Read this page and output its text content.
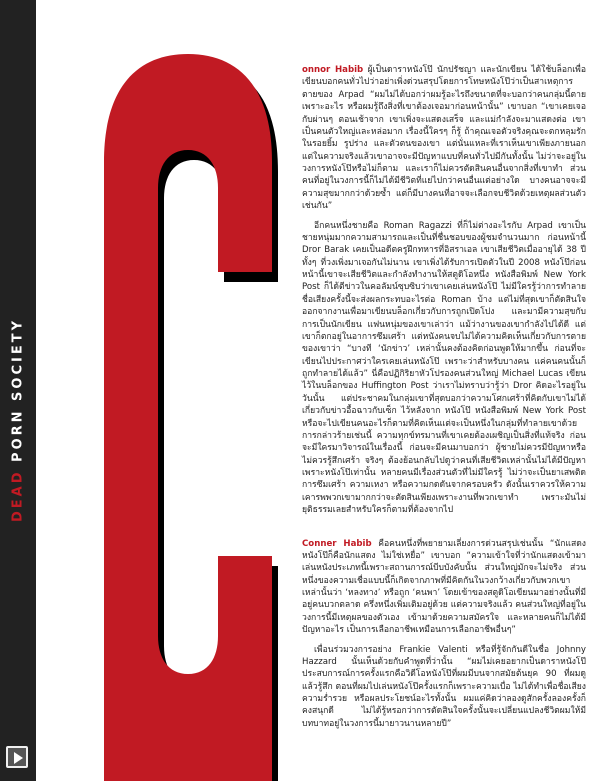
DEAD PORN SOCIETY

onnor Habib ผู้เป็นดาราหนังโป๊ นักปรัชญา และนักเขียน ได้ใช้บล็อกเพื่อเขียนบอกคนทั่วไปว่าอย่าเพิ่งด่วนสรุปโดยการโทษหนังโป๊ว่าเป็นสาเหตุการตายของ Arpad “ผมไม่ได้บอกว่าผมรู้อะไรถึงขนาดที่จะบอกว่าคนกลุ่มนี้ตายเพราะอะไร หรือผมรู้ถึงสิ่งที่เขาต้องเจอมาก่อนหน้านั้น” เขาบอก “เขาเคยเจอกับผ่านๆ ตอนเช้าจาก เขาเพิ่งจะแสดงเสร็จ และแม่กำลังจะมาแสดงต่อ เขาเป็นคนตัวใหญ่และหล่อมาก เรื่องนี้ใครๆ ก็รู้ ถ้าคุณเจอตัวจริงคุณจะตกหลุมรักในรอยยิ้ม รูปร่าง และตัวตนของเขา แต่นั่นแหละที่เราเห็นเขาเพียงภายนอก แต่ในความจริงแล้วเขาอาจจะมีปัญหาแบบที่คนทั่วไปมีกันทั้งนั้น ไม่ว่าจะอยู่ในวงการหนังโป๊หรือไม่ก็ตาม และเราก็ไม่ควรตัดสินคนอื่นจากสิ่งที่เขาทำ ส่วนคนที่อยู่ในวงการนี้ก็ไม่ได้มีชีวิตที่แย่ไปกว่าคนอื่นแต่อย่างใด บางคนอาจจะมีความสุขมากกว่าด้วยซ้ำ แต่ก็มีบางคนที่อาจจะเลือกจบชีวิตด้วยเหตุผลส่วนตัวเช่นกัน”

อีกคนหนึ่งชายคือ Roman Ragazzi ที่ก็ไม่ต่างอะไรกับ Arpad เขาเป็นชายหนุ่มมากความสามารถและเป็นที่ชื่นชอบของผู้ชมจำนวนมาก ก่อนหน้านี้ Dror Barak เคยเป็นอดีตครูฝึกทหารที่อิสราเอล เขาเสียชีวิตเมื่ออายุได้ 38 ปี ทั้งๆ ที่วงเพิ่งมาเจอกันไม่นาน เขาเพิ่งได้รับการเปิดตัวในปี 2008 หนังโป๊ก่อนหน้านี้เขาจะเสียชีวิตและกำลังทำงานให้สตูดิโอหนึ่ง หนังสือพิมพ์ New York Post ก็ได้ตีข่าวในคอลัมน์ซุบซิบว่าเขาเคยเล่นหนังโป๊ ไม่มีใครรู้ว่าการทำลายชื่อเสียงครั้งนี้จะส่งผลกระทบอะไรต่อ Roman บ้าง แต่ไม่ที่สุดเขาก็ตัดสินใจออกจากงานเพื่อมาเขียนบล็อกเกี่ยวกับการถูกเปิดโปง และมามีความสุขกับการเป็นนักเขียน แฟนหนุ่มของเขาเล่าว่า แม้ว่างานของเขากำลังไปได้ดี แต่เขาก็ตกอยู่ในอาการซึมเศร้า แต่หนังคนจบไม่ได้ความคิดเห็นเกี่ยวกับการตายของเขาว่า “บางที ‘นักข่าว’ เหล่านั้นคงต้องคิดก่อนพูดให้มากขึ้น ก่อนที่จะเขียนไปประกาศว่าใครเคยเล่นหนังโป๊ เพราะว่าสำหรับบางคน แค่คนคนนั้นก็ถูกทำลายได้แล้ว” นี่คือปฏิกิริยาหัวโปรองคนส่วนใหญ่ Michael Lucas เขียนไว้ในบล็อกของ Huffington Post ว่าเราไม่ทราบว่ารู้ว่า Dror คิดอะไรอยู่ในวันนั้น แต่ประชาคมในกลุ่มเขาที่สุดบอกว่าความโศกเศร้าที่คิดกับเขาไม่ได้เกี่ยวกับข่าวอื้อฉาวกับเซ็ก ไว้หลังจาก หนังโป๊ หนังสือพิมพ์ New York Post หรือจะไปเขียนคนอะไรก็ตามที่คิดเห็นแต่จะเป็นหนึ่งในกลุ่มที่ทำลายเขาด้วยการกล่าวร้ายเช่นนี้ ความทุกข์ทรมานที่เขาเคยต้องเผชิญเป็นสิ่งที่แท้จริง ก่อนจะมีใครมาวิจารณ์ในเรื่องนี้ ก่อนจะมีคนมาบอกว่า ผู้ชายไม่ควรมีปัญหาหรือไม่ควรรู้สึกเศร้า จริงๆ ต้องย้อนกลับไปดูว่าคนที่เสียชีวิตเหล่านั้นไม่ได้มีปัญหาเพราะหนังโป๊เท่านั้น หลายคนมีเรื่องส่วนตัวที่ไม่มีใครรู้ ไม่ว่าจะเป็นยาเสพติด การซึมเศร้า ความเหงา หรือความกดดันจากครอบครัว ดังนั้นเราควรให้ความเคารพพวกเขามากกว่าจะตัดสินเพียงเพราะงานที่พวกเขาทำ เพราะมันไม่ยุติธรรมเลยสำหรับใครก็ตามที่ต้องจากไป

Conner Habib คือคนหนึ่งที่พยายามเลี่ยงการด่วนสรุปเช่นนั้น “นักแสดงหนังโป๊ก็คือนักแสดง ไม่ใช่เหยื่อ” เขาบอก “ความเข้าใจที่ว่านักแสดงเข้ามาเล่นหนังประเภทนี้เพราะสถานการณ์บีบบังคับนั้น ส่วนใหญ่มักจะไม่จริง ส่วนหนึ่งของความเชื่อแบบนี้ก็เกิดจากภาพที่มีคิดกันในวงกว้างเกี่ยวกับพวกเขาเหล่านั้นว่า ‘หลงทาง’ หรือถูก ‘คนพา’ โดยเข้าของสตูดิโอเขียนมาอย่างนั้นที่มีอยู่คนบวกตลาด ครึ่งหนึ่งเพิ่มเติมอยู่ด้วย แต่ความจริงแล้ว คนส่วนใหญ่ที่อยู่ในวงการนี้มีเหตุผลของตัวเอง เข้ามาด้วยความสมัครใจ และหลายคนก็ไม่ได้มีปัญหาอะไร เป็นการเลือกอาชีพเหมือนการเลือกอาชีพอื่นๆ”

เพื่อนร่วมวงการอย่าง Frankie Valenti หรือที่รู้จักกันดีในชื่อ Johnny Hazzard นั้นเห็นด้วยกับคำพูดที่ว่านั้น “ผมไม่เคยอยากเป็นดาราหนังโป๊ ประสบการณ์การครั้งแรกคือวิดีโอหนังโป๊ที่ผมมีบนจากสมัยต้นยุค 90 ที่ผมดูแล้วรู้สึก ตอนที่ผมไปเล่นหนังโป๊ครั้งแรกก็เพราะความเบื่อ ไม่ได้ทำเพื่อชื่อเสียง ความร่ำรวย หรือผลประโยชน์อะไรทั้งนั้น ผมแค่คิดว่าลองดูสักครั้งลองครั้งก็คงสนุกดี ไม่ได้รู้หรอกว่าการตัดสินใจครั้งนั้นจะเปลี่ยนแปลงชีวิตผมให้มีบทบาทอยู่ในวงการนี้มายาวนานหลายปี”
